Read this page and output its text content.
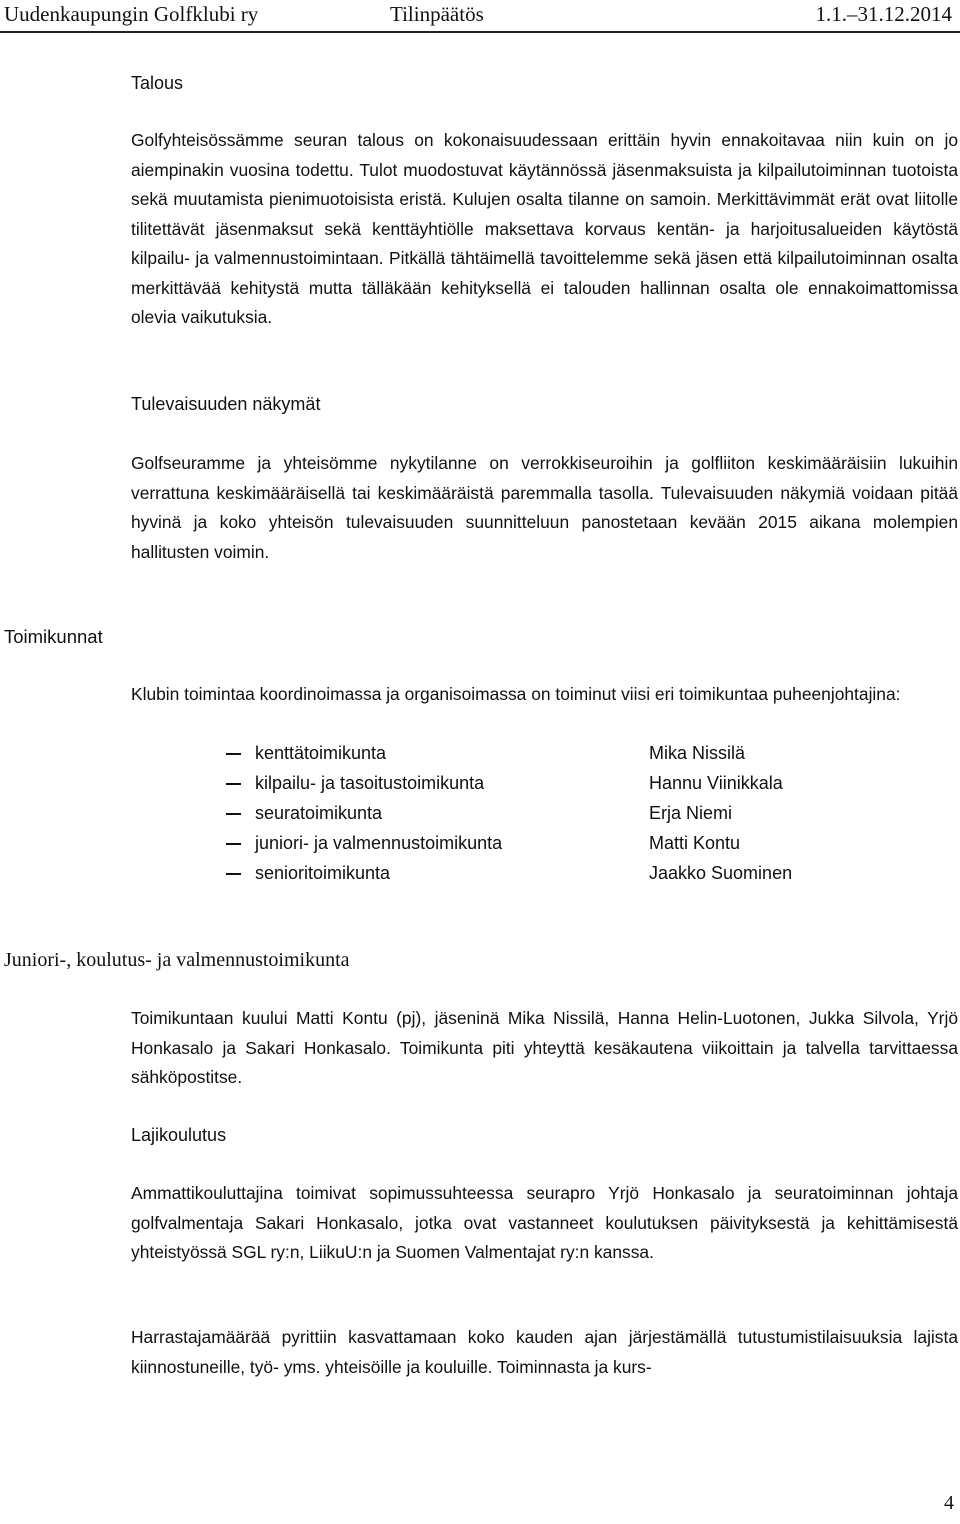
Uudenkaupungin Golfklubi ry	Tilinpäätös	1.1.–31.12.2014
Talous

Golfyhteisössämme seuran talous on kokonaisuudessaan erittäin hyvin ennakoitavaa niin kuin on jo aiempinakin vuosina todettu. Tulot muodostuvat käytännössä jäsenmaksuista ja kilpailutoiminnan tuotoista sekä muutamista pienimuotoisista eristä. Kulujen osalta tilanne on samoin. Merkittävimmät erät ovat liitolle tilitettävät jäsenmaksut sekä kenttäyhtiölle maksettava korvaus kentän- ja harjoitusalueiden käytöstä kilpailu- ja valmennustoimintaan. Pitkällä tähtäimellä tavoittelemme sekä jäsen että kilpailutoiminnan osalta merkittävää kehitystä mutta tälläkään kehityksellä ei talouden hallinnan osalta ole ennakoimattomissa olevia vaikutuksia.

Tulevaisuuden näkymät

Golfseuramme ja yhteisömme nykytilanne on verrokkiseuroihin ja golfliiton keskimääräisiin lukuihin verrattuna keskimääräisellä tai keskimääräistä paremmalla tasolla. Tulevaisuuden näkymiä voidaan pitää hyvinä ja koko yhteisön tulevaisuuden suunnitteluun panostetaan kevään 2015 aikana molempien hallitusten voimin.

Toimikunnat

Klubin toimintaa koordinoimassa ja organisoimassa on toiminut viisi eri toimikuntaa puheenjohtajina:

kenttätoimikunta	Mika Nissilä
kilpailu- ja tasoitustoimikunta	Hannu Viinikkala
seuratoimikunta	Erja Niemi
juniori- ja valmennustoimikunta	Matti Kontu
senioritoimikunta	Jaakko Suominen
Juniori-, koulutus- ja valmennustoimikunta

Toimikuntaan kuului Matti Kontu (pj), jäseninä Mika Nissilä, Hanna Helin-Luotonen, Jukka Silvola, Yrjö Honkasalo ja Sakari Honkasalo. Toimikunta piti yhteyttä kesäkautena viikoittain ja talvella tarvittaessa sähköpostitse.

Lajikoulutus

Ammattikouluttajina toimivat sopimussuhteessa seurapro Yrjö Honkasalo ja seuratoiminnan johtaja golfvalmentaja Sakari Honkasalo, jotka ovat vastanneet koulutuksen päivityksestä ja kehittämisestä yhteistyössä SGL ry:n, LiikuU:n ja Suomen Valmentajat ry:n kanssa.

Harrastajamäärää pyrittiin kasvattamaan koko kauden ajan järjestämällä tutustumistilaisuuksia lajista kiinnostuneille, työ- yms. yhteisöille ja kouluille. Toiminnasta ja kurs-

4
